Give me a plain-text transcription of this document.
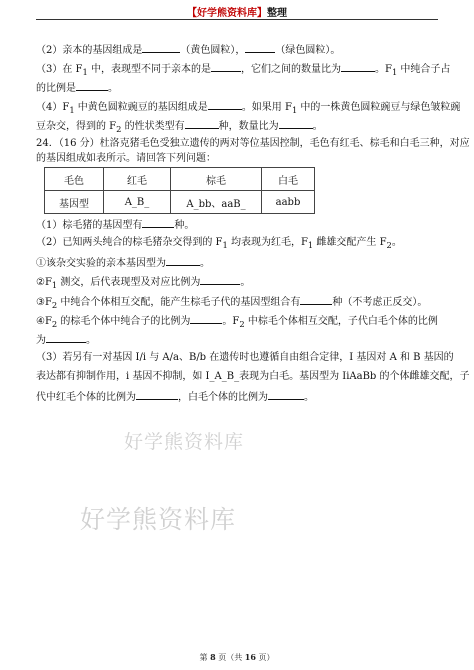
【好学熊资料库】整理
（2）亲本的基因组成是	（黄色圆粒），	（绿色圆粒）。
（3）在 $F_1$ 中，表现型不同于亲本的是	，它们之间的数量比为	。$F_1$ 中纯合子占
的比例是	。
$(4)F_1$ 中黄色圆粒豌豆的基因组成是	。如果用 $F_1$ 中的一株黄色圆粒豌豆与绿色皱粒豌
豆杂交，得到的 $F_2$ 的性状类型有	种，数量比为	。
24．（16 分）杜洛克猪毛色受独立遗传的两对等位基因控制，毛色有红毛、棕毛和白毛三种，对应
的基因组成如表所示。请回答下列问题：
毛色	红毛	棕毛	白毛
基因型	A_B_	A_bb、aaB_	aabb
（1）棕毛猪的基因型有	种。
（2）已知两头纯合的棕毛猪杂交得到的 $F_1$ 均表现为红毛，$F_1$ 雌雄交配产生 $F_2$。
①该杂交实验的亲本基因型为	。
$②F_1$ 测交，后代表现型及对应比例为	。
$③F_2$ 中纯合个体相互交配，能产生棕毛子代的基因型组合有	种（不考虑正反交）。
$④F_2$ 的棕毛个体中纯合子的比例为	。$F_2$ 中棕毛个体相互交配，子代白毛个体的比例
为	。
（3）若另有一对基因 I/i 与 A/a、B/b 在遗传时也遵循自由组合定律，I 基因对 A 和 B 基因的
表达都有抑制作用，i 基因不抑制，如 I_A_B_表现为白毛。基因型为 IiAaBb 的个体雌雄交配，子
代中红毛个体的比例为	，白毛个体的比例为	。
好学熊资料库
好学熊资料库
第 8 页（共 16 页）
